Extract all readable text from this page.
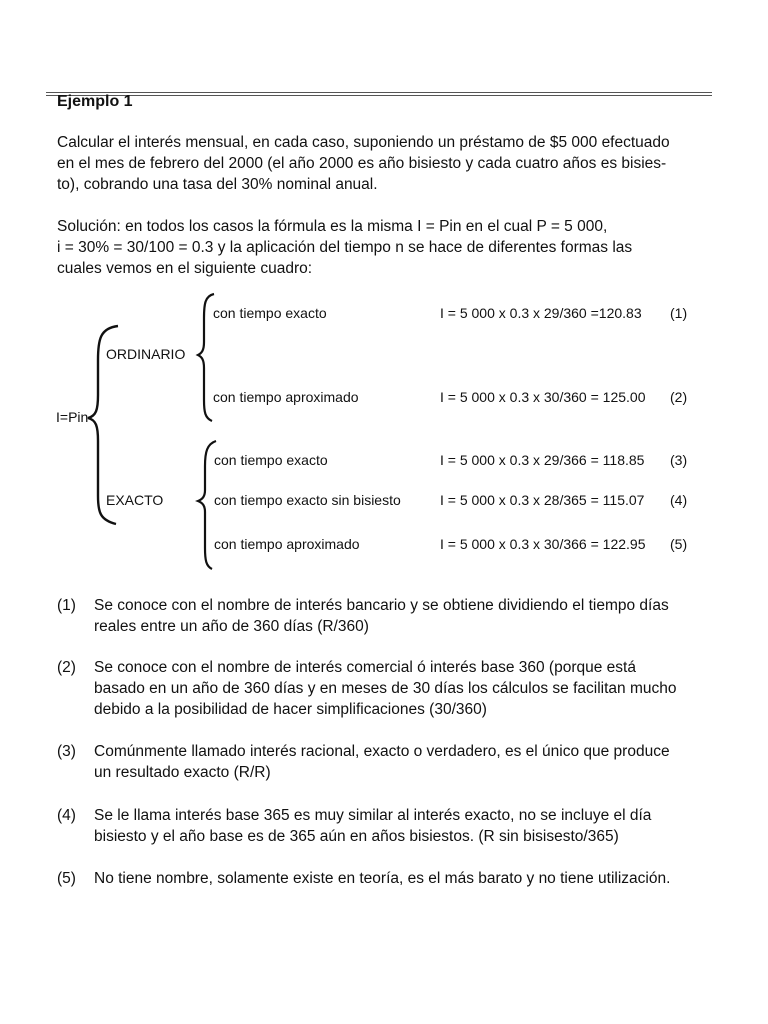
Ejemplo 1
Calcular el interés mensual, en cada caso, suponiendo un préstamo de $5 000 efectuado
en el mes de febrero del 2000 (el año 2000 es año bisiesto y cada cuatro años es bisies-
to), cobrando una tasa del 30% nominal anual.
Solución: en todos los casos la fórmula es la misma I = Pin en el cual P = 5 000,
i = 30% = 30/100 = 0.3 y la aplicación del tiempo n se hace de diferentes formas las
cuales vemos en el siguiente cuadro:
I=Pin
ORDINARIO
EXACTO
con tiempo exacto	I = 5 000 x 0.3 x 29/360 =120.83 (1)
con tiempo aproximado	I = 5 000 x 0.3 x 30/360 = 125.00 (2)
con tiempo exacto	I = 5 000 x 0.3 x 29/366 = 118.85 (3)
con tiempo exacto sin bisiesto	I = 5 000 x 0.3 x 28/365 = 115.07 (4)
con tiempo aproximado	I = 5 000 x 0.3 x 30/366 = 122.95 (5)
(1) Se conoce con el nombre de interés bancario y se obtiene dividiendo el tiempo días
reales entre un año de 360 días (R/360)
(2) Se conoce con el nombre de interés comercial ó interés base 360 (porque está
basado en un año de 360 días y en meses de 30 días los cálculos se facilitan mucho
debido a la posibilidad de hacer simplificaciones (30/360)
(3) Comúnmente llamado interés racional, exacto o verdadero, es el único que produce
un resultado exacto (R/R)
(4) Se le llama interés base 365 es muy similar al interés exacto, no se incluye el día
bisiesto y el año base es de 365 aún en años bisiestos. (R sin bisisesto/365)
(5) No tiene nombre, solamente existe en teoría, es el más barato y no tiene utilización.
